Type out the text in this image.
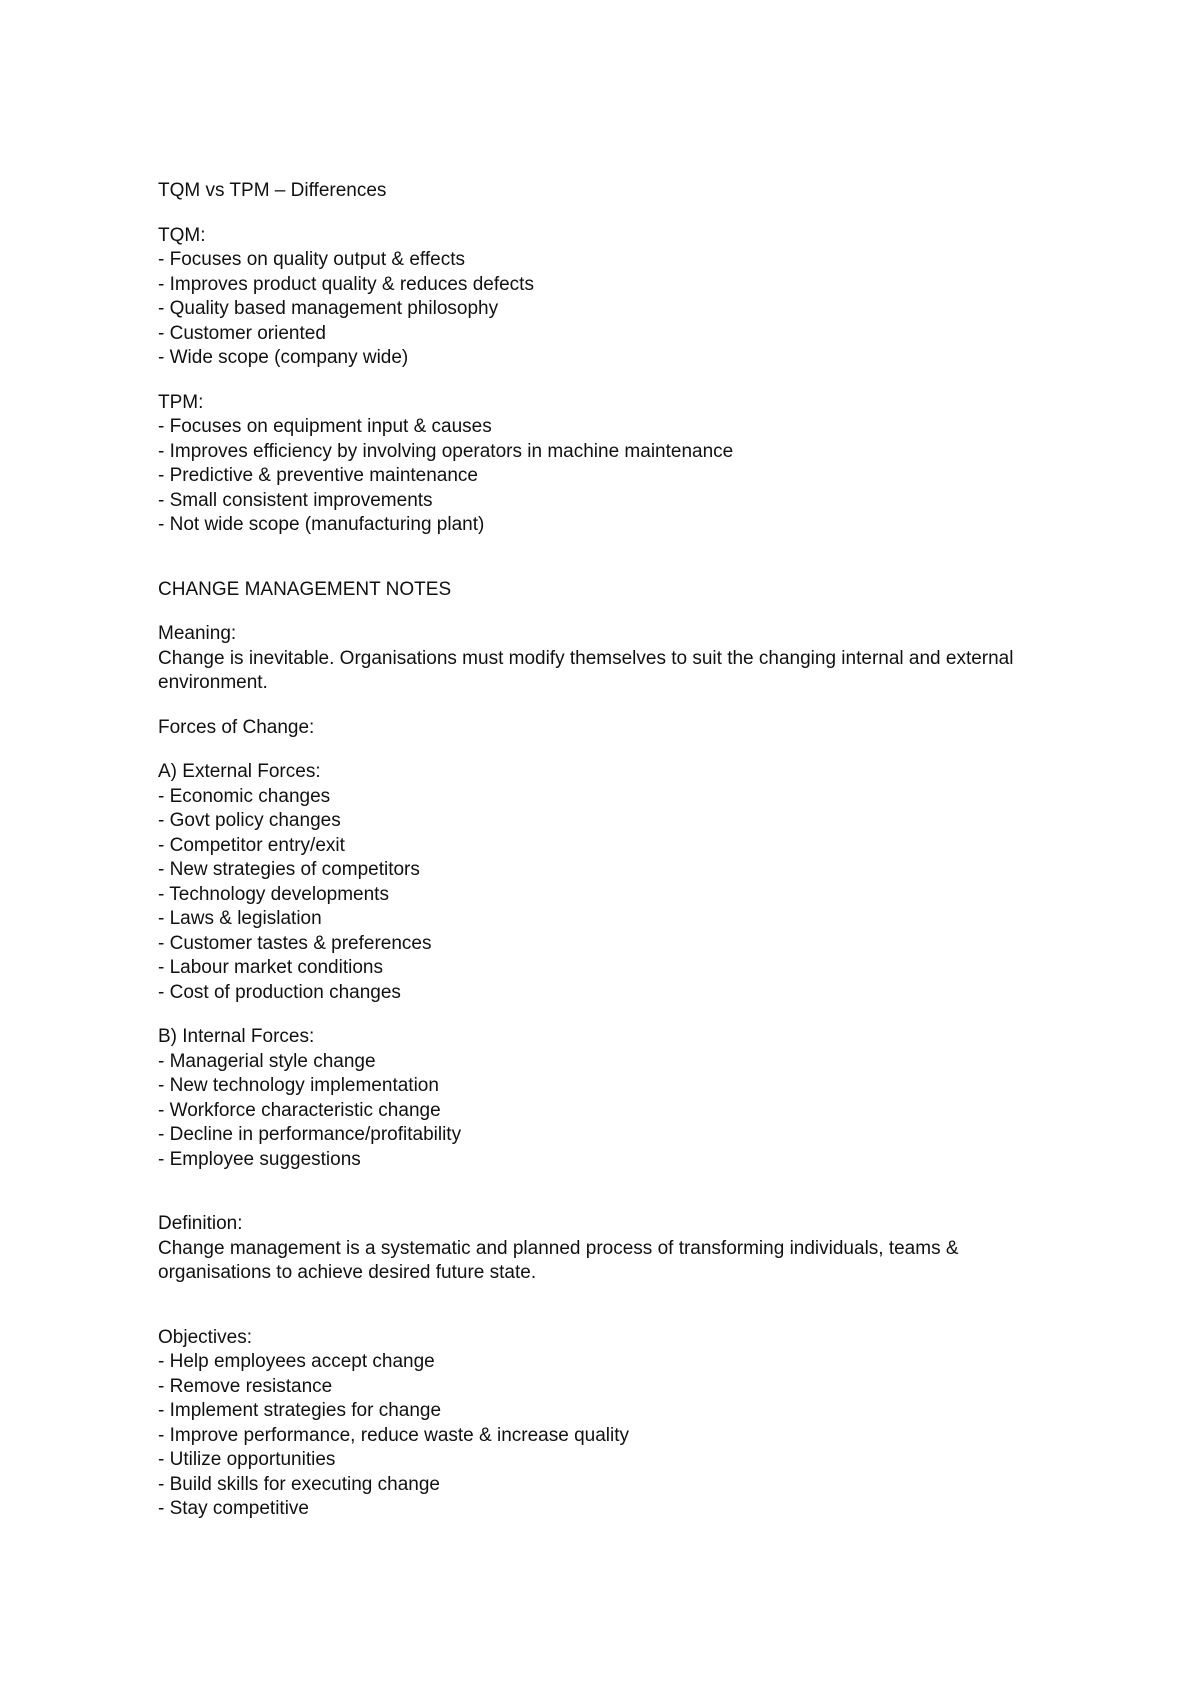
TQM vs TPM – Differences

TQM:

- Focuses on quality output & effects
- Improves product quality & reduces defects
- Quality based management philosophy
- Customer oriented
- Wide scope (company wide)

TPM:

- Focuses on equipment input & causes
- Improves efficiency by involving operators in machine maintenance
- Predictive & preventive maintenance
- Small consistent improvements
- Not wide scope (manufacturing plant)

CHANGE MANAGEMENT NOTES

Meaning:

Change is inevitable. Organisations must modify themselves to suit the changing internal and external environment.

Forces of Change:

A) External Forces:

- Economic changes
- Govt policy changes
- Competitor entry/exit
- New strategies of competitors
- Technology developments
- Laws & legislation
- Customer tastes & preferences
- Labour market conditions
- Cost of production changes

B) Internal Forces:

- Managerial style change
- New technology implementation
- Workforce characteristic change
- Decline in performance/profitability
- Employee suggestions

Definition:

Change management is a systematic and planned process of transforming individuals, teams & organisations to achieve desired future state.

Objectives:

- Help employees accept change
- Remove resistance
- Implement strategies for change
- Improve performance, reduce waste & increase quality
- Utilize opportunities
- Build skills for executing change
- Stay competitive
